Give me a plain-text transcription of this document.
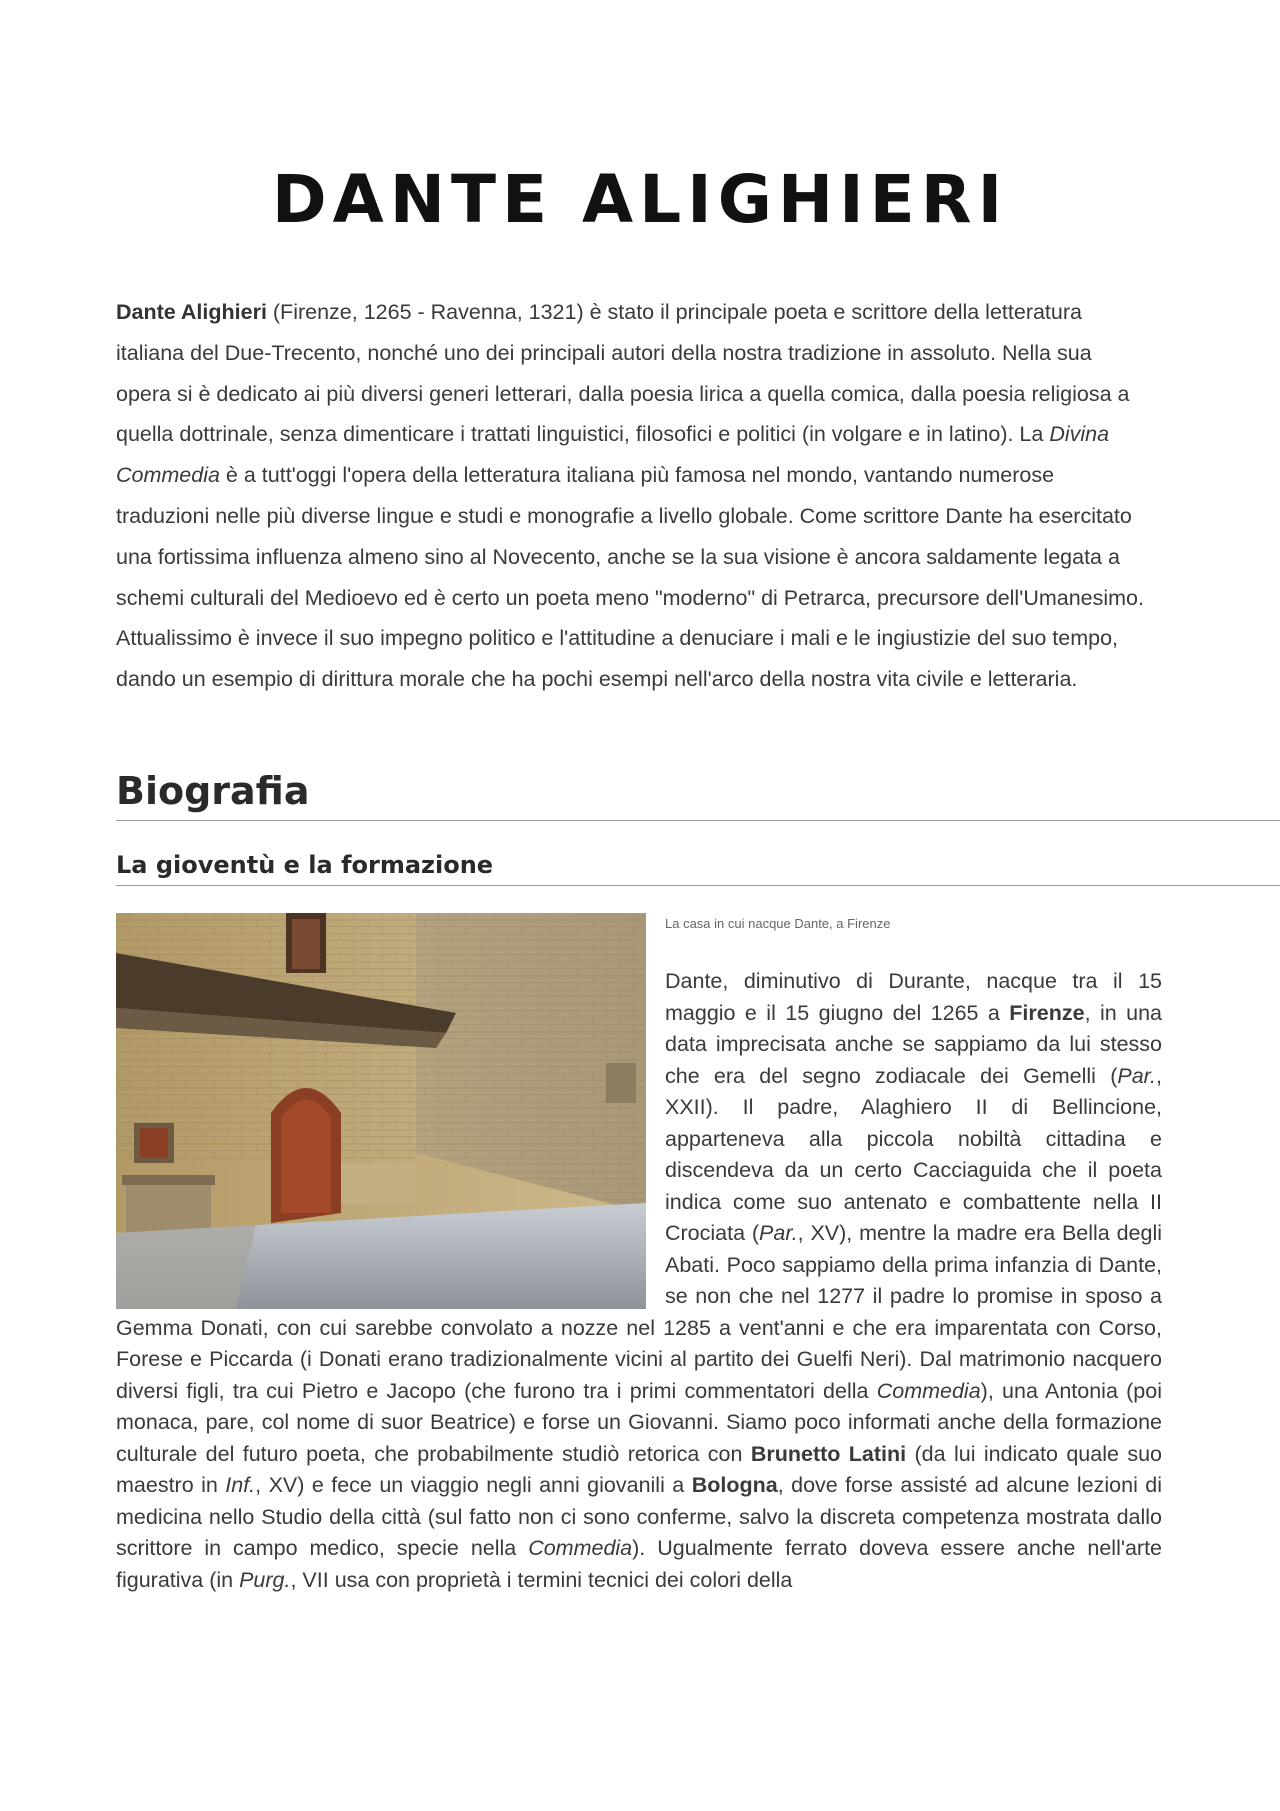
DANTE ALIGHIERI

Dante Alighieri (Firenze, 1265 - Ravenna, 1321) è stato il principale poeta e scrittore della letteratura italiana del Due-Trecento, nonché uno dei principali autori della nostra tradizione in assoluto. Nella sua opera si è dedicato ai più diversi generi letterari, dalla poesia lirica a quella comica, dalla poesia religiosa a quella dottrinale, senza dimenticare i trattati linguistici, filosofici e politici (in volgare e in latino). La Divina Commedia è a tutt'oggi l'opera della letteratura italiana più famosa nel mondo, vantando numerose traduzioni nelle più diverse lingue e studi e monografie a livello globale. Come scrittore Dante ha esercitato una fortissima influenza almeno sino al Novecento, anche se la sua visione è ancora saldamente legata a schemi culturali del Medioevo ed è certo un poeta meno "moderno" di Petrarca, precursore dell'Umanesimo. Attualissimo è invece il suo impegno politico e l'attitudine a denuciare i mali e le ingiustizie del suo tempo, dando un esempio di dirittura morale che ha pochi esempi nell'arco della nostra vita civile e letteraria.

Biografia
La gioventù e la formazione

La casa in cui nacque Dante, a Firenze

Dante, diminutivo di Durante, nacque tra il 15 maggio e il 15 giugno del 1265 a Firenze, in una data imprecisata anche se sappiamo da lui stesso che era del segno zodiacale dei Gemelli (Par., XXII). Il padre, Alaghiero II di Bellincione, apparteneva alla piccola nobiltà cittadina e discendeva da un certo Cacciaguida che il poeta indica come suo antenato e combattente nella II Crociata (Par., XV), mentre la madre era Bella degli Abati. Poco sappiamo della prima infanzia di Dante, se non che nel 1277 il padre lo promise in sposo a Gemma Donati, con cui sarebbe convolato a nozze nel 1285 a vent'anni e che era imparentata con Corso, Forese e Piccarda (i Donati erano tradizionalmente vicini al partito dei Guelfi Neri). Dal matrimonio nacquero diversi figli, tra cui Pietro e Jacopo (che furono tra i primi commentatori della Commedia), una Antonia (poi monaca, pare, col nome di suor Beatrice) e forse un Giovanni. Siamo poco informati anche della formazione culturale del futuro poeta, che probabilmente studiò retorica con Brunetto Latini (da lui indicato quale suo maestro in Inf., XV) e fece un viaggio negli anni giovanili a Bologna, dove forse assisté ad alcune lezioni di medicina nello Studio della città (sul fatto non ci sono conferme, salvo la discreta competenza mostrata dallo scrittore in campo medico, specie nella Commedia). Ugualmente ferrato doveva essere anche nell'arte figurativa (in Purg., VII usa con proprietà i termini tecnici dei colori della
